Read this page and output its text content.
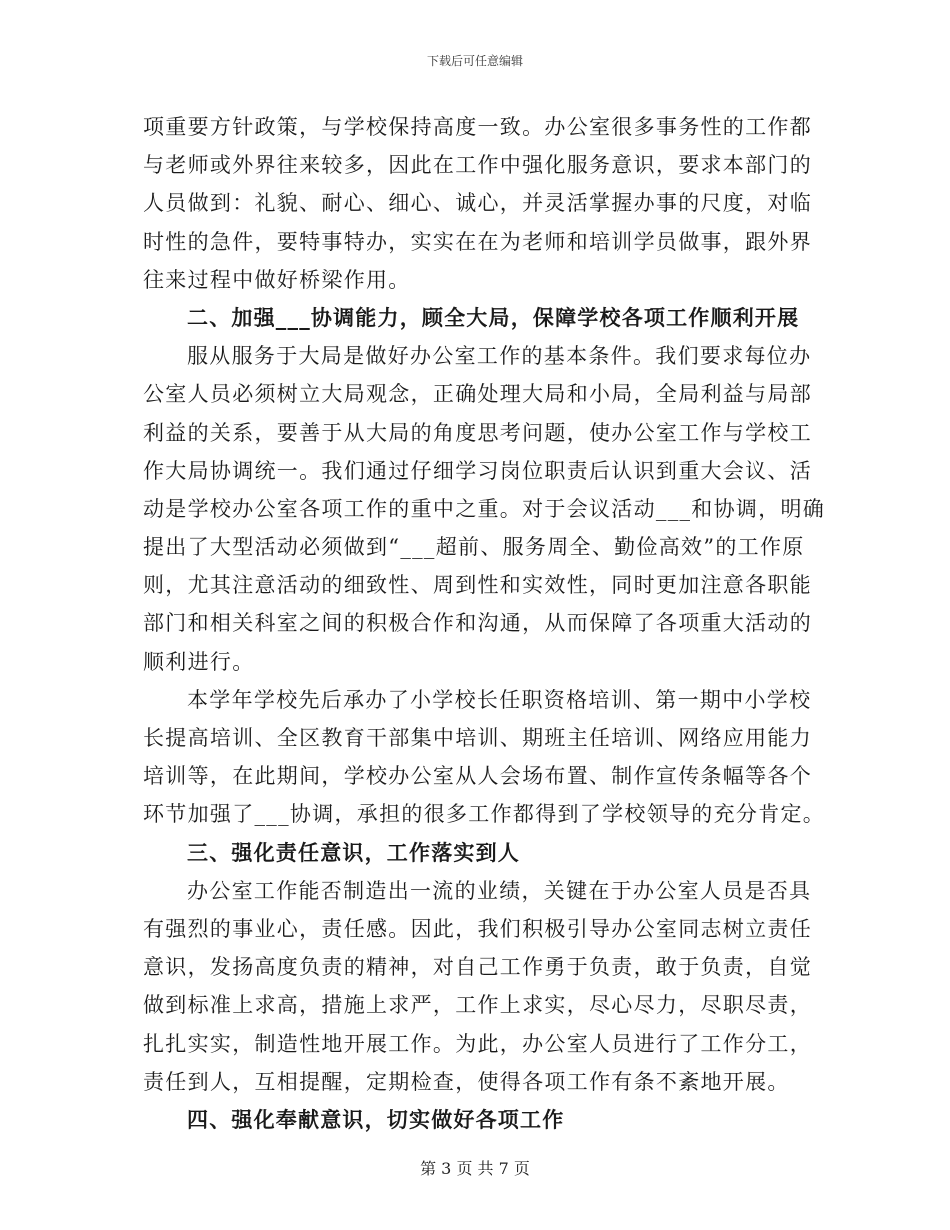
下载后可任意编辑
项重要方针政策，与学校保持高度一致。办公室很多事务性的工作都
与老师或外界往来较多，因此在工作中强化服务意识，要求本部门的
人员做到：礼貌、耐心、细心、诚心，并灵活掌握办事的尺度，对临
时性的急件，要特事特办，实实在在为老师和培训学员做事，跟外界
往来过程中做好桥梁作用。
二、加强___协调能力，顾全大局，保障学校各项工作顺利开展
服从服务于大局是做好办公室工作的基本条件。我们要求每位办
公室人员必须树立大局观念，正确处理大局和小局，全局利益与局部
利益的关系，要善于从大局的角度思考问题，使办公室工作与学校工
作大局协调统一。我们通过仔细学习岗位职责后认识到重大会议、活
动是学校办公室各项工作的重中之重。对于会议活动___和协调，明确
提出了大型活动必须做到“___超前、服务周全、勤俭高效”的工作原
则，尤其注意活动的细致性、周到性和实效性，同时更加注意各职能
部门和相关科室之间的积极合作和沟通，从而保障了各项重大活动的
顺利进行。
本学年学校先后承办了小学校长任职资格培训、第一期中小学校
长提高培训、全区教育干部集中培训、期班主任培训、网络应用能力
培训等，在此期间，学校办公室从人会场布置、制作宣传条幅等各个
环节加强了___协调，承担的很多工作都得到了学校领导的充分肯定。
三、强化责任意识，工作落实到人
办公室工作能否制造出一流的业绩，关键在于办公室人员是否具
有强烈的事业心，责任感。因此，我们积极引导办公室同志树立责任
意识，发扬高度负责的精神，对自己工作勇于负责，敢于负责，自觉
做到标准上求高，措施上求严，工作上求实，尽心尽力，尽职尽责，
扎扎实实，制造性地开展工作。为此，办公室人员进行了工作分工，
责任到人，互相提醒，定期检查，使得各项工作有条不紊地开展。
四、强化奉献意识，切实做好各项工作
第 3 页 共 7 页
